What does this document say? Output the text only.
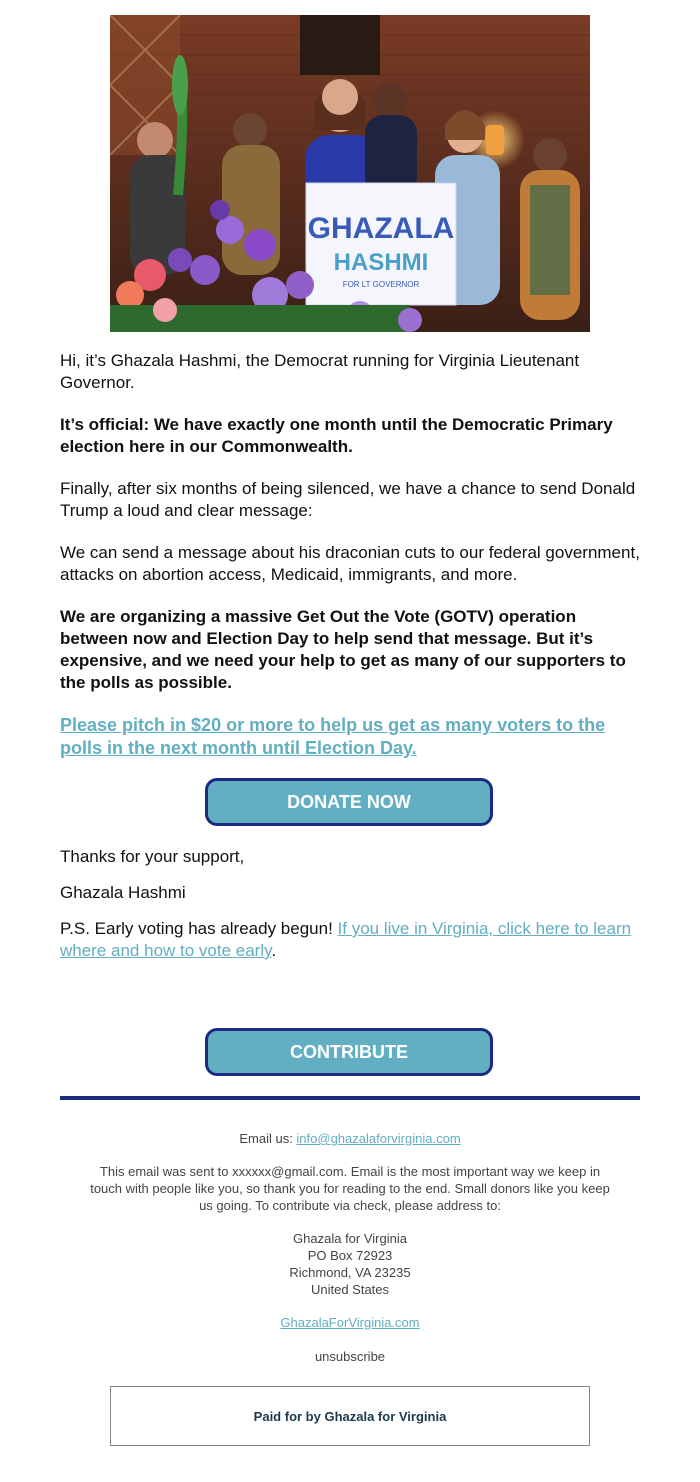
GHAZALA
HASHMI
FOR LT GOVERNOR

Hi, it’s Ghazala Hashmi, the Democrat running for Virginia Lieutenant Governor.

It’s official: We have exactly one month until the Democratic Primary election here in our Commonwealth.

Finally, after six months of being silenced, we have a chance to send Donald Trump a loud and clear message:

We can send a message about his draconian cuts to our federal government, attacks on abortion access, Medicaid, immigrants, and more.

We are organizing a massive Get Out the Vote (GOTV) operation between now and Election Day to help send that message. But it’s expensive, and we need your help to get as many of our supporters to the polls as possible.

Please pitch in $20 or more to help us get as many voters to the polls in the next month until Election Day.

DONATE NOW

Thanks for your support,

Ghazala Hashmi

P.S. Early voting has already begun! If you live in Virginia, click here to learn where and how to vote early.

CONTRIBUTE
Email us: info@ghazalaforvirginia.com
This email was sent to xxxxxx@gmail.com. Email is the most important way we keep in touch with people like you, so thank you for reading to the end. Small donors like you keep us going. To contribute via check, please address to:
Ghazala for Virginia
PO Box 72923
Richmond, VA 23235
United States
GhazalaForVirginia.com
unsubscribe
Paid for by Ghazala for Virginia
